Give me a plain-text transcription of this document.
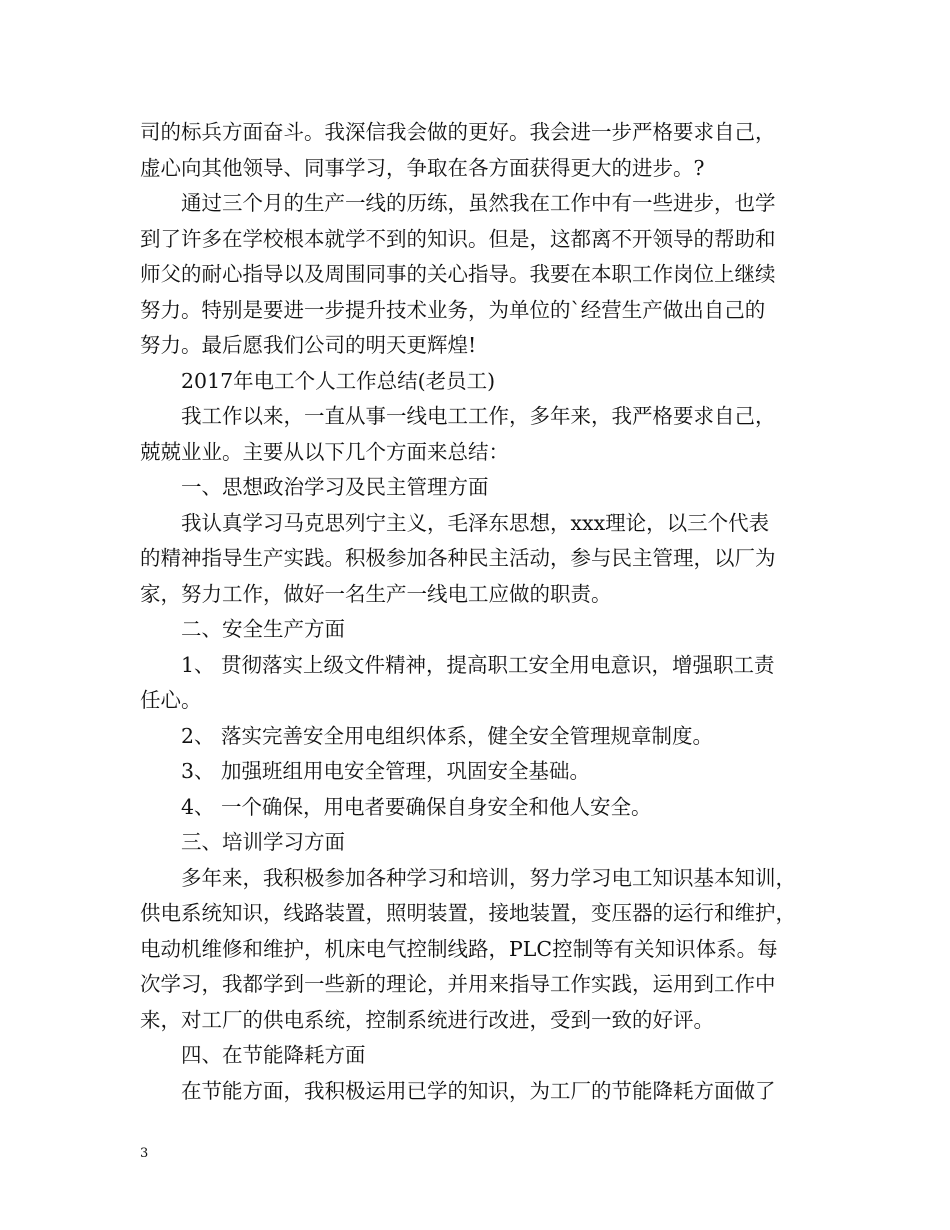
司的标兵方面奋斗。我深信我会做的更好。我会进一步严格要求自己，
虚心向其他领导、同事学习，争取在各方面获得更大的进步。?
通过三个月的生产一线的历练，虽然我在工作中有一些进步，也学
到了许多在学校根本就学不到的知识。但是，这都离不开领导的帮助和
师父的耐心指导以及周围同事的关心指导。我要在本职工作岗位上继续
努力。特别是要进一步提升技术业务，为单位的`经营生产做出自己的
努力。最后愿我们公司的明天更辉煌!
2017年电工个人工作总结(老员工)
我工作以来，一直从事一线电工工作，多年来，我严格要求自己，
兢兢业业。主要从以下几个方面来总结：
一、思想政治学习及民主管理方面
我认真学习马克思列宁主义，毛泽东思想，xxx理论，以三个代表
的精神指导生产实践。积极参加各种民主活动，参与民主管理，以厂为
家，努力工作，做好一名生产一线电工应做的职责。
二、安全生产方面
1、 贯彻落实上级文件精神，提高职工安全用电意识，增强职工责
任心。
2、 落实完善安全用电组织体系，健全安全管理规章制度。
3、 加强班组用电安全管理，巩固安全基础。
4、 一个确保，用电者要确保自身安全和他人安全。
三、培训学习方面
多年来，我积极参加各种学习和培训，努力学习电工知识基本知训，
供电系统知识，线路装置，照明装置，接地装置，变压器的运行和维护，
电动机维修和维护，机床电气控制线路，PLC控制等有关知识体系。每
次学习，我都学到一些新的理论，并用来指导工作实践，运用到工作中
来，对工厂的供电系统，控制系统进行改进，受到一致的好评。
四、在节能降耗方面
在节能方面，我积极运用已学的知识，为工厂的节能降耗方面做了
3
